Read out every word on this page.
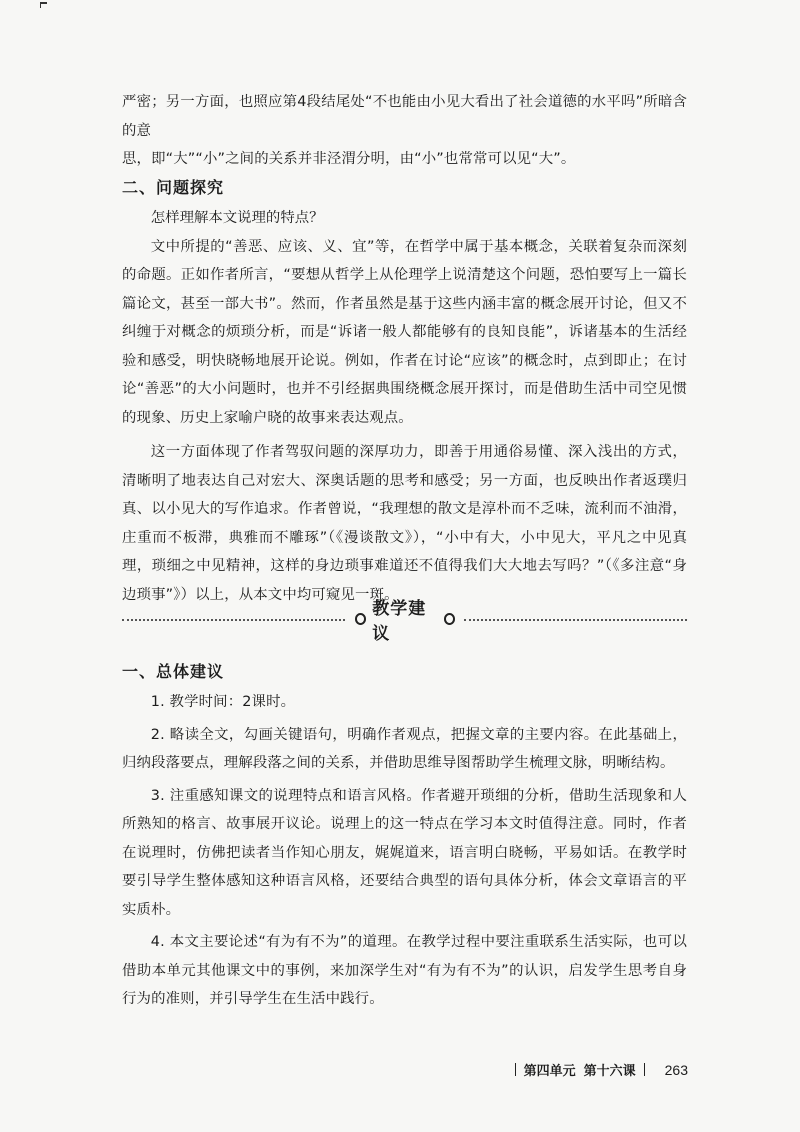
严密；另一方面，也照应第4段结尾处“不也能由小见大看出了社会道德的水平吗”所暗含的意

思，即“大”“小”之间的关系并非泾渭分明，由“小”也常常可以见“大”。

二、问题探究
怎样理解本文说理的特点？

文中所提的“善恶、应该、义、宜”等，在哲学中属于基本概念，关联着复杂而深刻的命题。正如作者所言，“要想从哲学上从伦理学上说清楚这个问题，恐怕要写上一篇长篇论文，甚至一部大书”。然而，作者虽然是基于这些内涵丰富的概念展开讨论，但又不纠缠于对概念的烦琐分析，而是“诉诸一般人都能够有的良知良能”，诉诸基本的生活经验和感受，明快晓畅地展开论说。例如，作者在讨论“应该”的概念时，点到即止；在讨论“善恶”的大小问题时，也并不引经据典围绕概念展开探讨，而是借助生活中司空见惯的现象、历史上家喻户晓的故事来表达观点。

这一方面体现了作者驾驭问题的深厚功力，即善于用通俗易懂、深入浅出的方式，清晰明了地表达自己对宏大、深奥话题的思考和感受；另一方面，也反映出作者返璞归真、以小见大的写作追求。作者曾说，“我理想的散文是淳朴而不乏味，流利而不油滑，庄重而不板滞，典雅而不雕琢”（《漫谈散文》），“小中有大，小中见大，平凡之中见真理，琐细之中见精神，这样的身边琐事难道还不值得我们大大地去写吗？”（《多注意“身边琐事”》）以上，从本文中均可窥见一斑。

教学建议
一、总体建议

1. 教学时间：2课时。

2. 略读全文，勾画关键语句，明确作者观点，把握文章的主要内容。在此基础上，归纳段落要点，理解段落之间的关系，并借助思维导图帮助学生梳理文脉，明晰结构。

3. 注重感知课文的说理特点和语言风格。作者避开琐细的分析，借助生活现象和人所熟知的格言、故事展开议论。说理上的这一特点在学习本文时值得注意。同时，作者在说理时，仿佛把读者当作知心朋友，娓娓道来，语言明白晓畅，平易如话。在教学时要引导学生整体感知这种语言风格，还要结合典型的语句具体分析，体会文章语言的平实质朴。

4. 本文主要论述“有为有不为”的道理。在教学过程中要注重联系生活实际，也可以借助本单元其他课文中的事例，来加深学生对“有为有不为”的认识，启发学生思考自身行为的准则，并引导学生在生活中践行。

第四单元 第十六课 263
